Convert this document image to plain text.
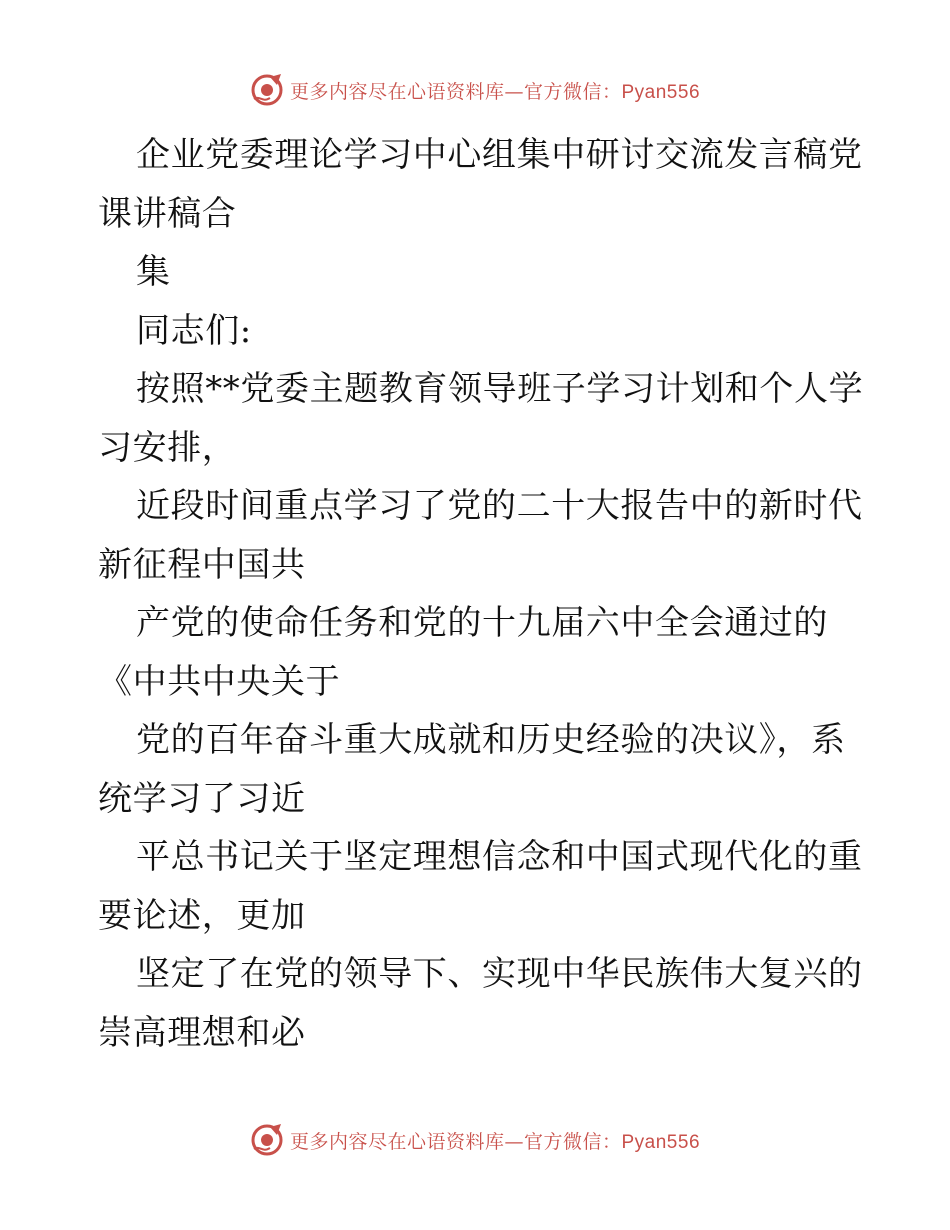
更多内容尽在心语资料库—官方微信：Pyan556
企业党委理论学习中心组集中研讨交流发言稿党
课讲稿合
集
同志们:
按照**党委主题教育领导班子学习计划和个人学
习安排，
近段时间重点学习了党的二十大报告中的新时代
新征程中国共
产党的使命任务和党的十九届六中全会通过的
《中共中央关于
党的百年奋斗重大成就和历史经验的决议》，系
统学习了习近
平总书记关于坚定理想信念和中国式现代化的重
要论述，更加
坚定了在党的领导下、实现中华民族伟大复兴的
崇高理想和必
更多内容尽在心语资料库—官方微信：Pyan556
